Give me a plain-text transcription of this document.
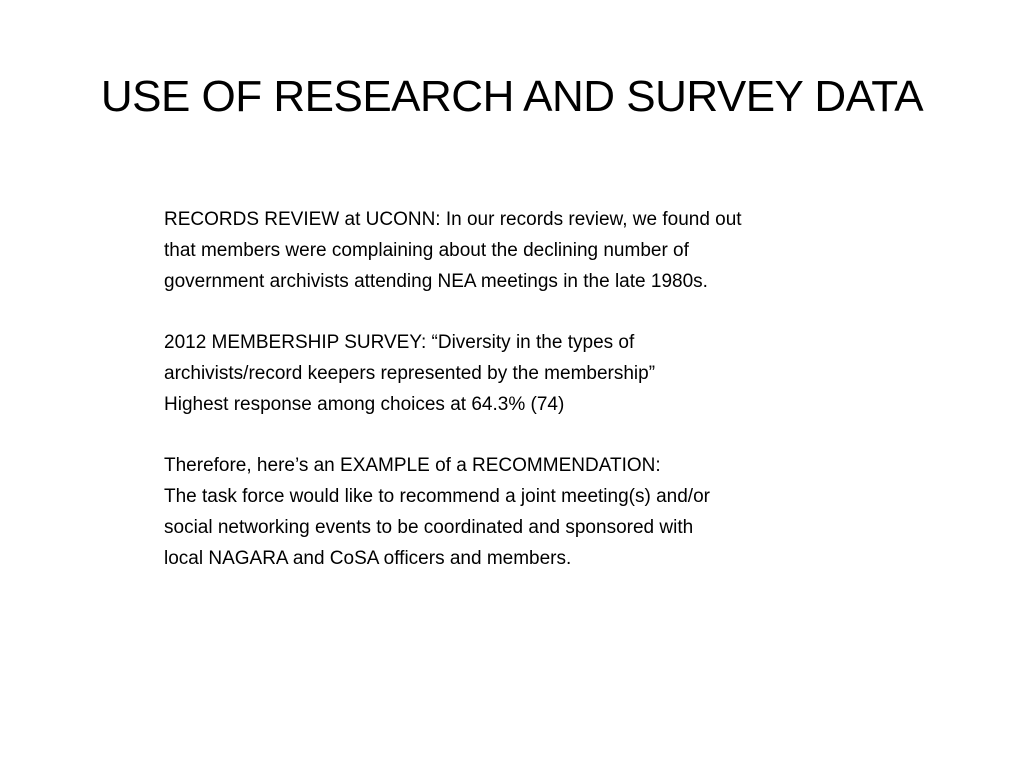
USE OF RESEARCH AND SURVEY DATA

RECORDS REVIEW at UCONN: In our records review, we found out
that members were complaining about the declining number of
government archivists attending NEA meetings in the late 1980s.

2012 MEMBERSHIP SURVEY: “Diversity in the types of
archivists/record keepers represented by the membership”
Highest response among choices at 64.3% (74)

Therefore, here’s an EXAMPLE of a RECOMMENDATION:
The task force would like to recommend a joint meeting(s) and/or
social networking events to be coordinated and sponsored with
local NAGARA and CoSA officers and members.
